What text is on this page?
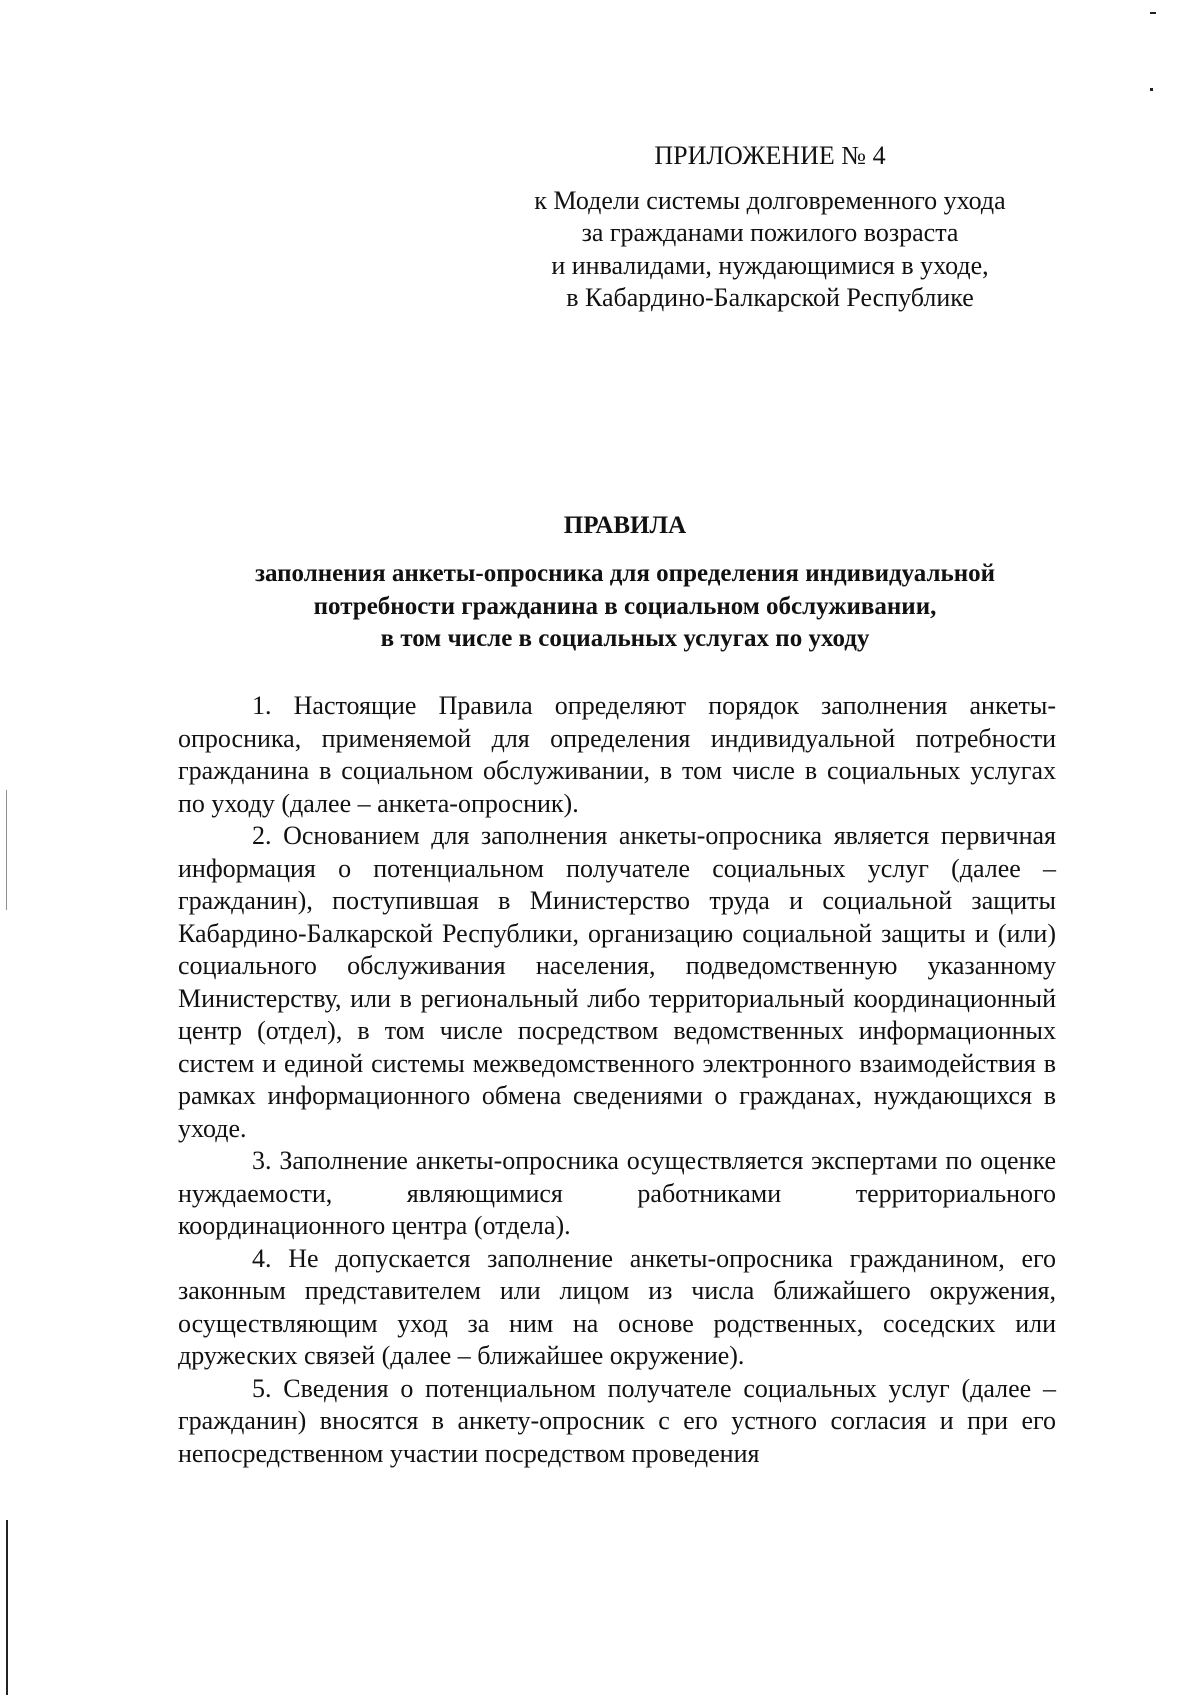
ПРИЛОЖЕНИЕ № 4
к Модели системы долговременного ухода
за гражданами пожилого возраста
и инвалидами, нуждающимися в уходе,
в Кабардино-Балкарской Республике
ПРАВИЛА
заполнения анкеты-опросника для определения индивидуальной
потребности гражданина в социальном обслуживании,
в том числе в социальных услугах по уходу

1. Настоящие Правила определяют порядок заполнения анкеты-опросника, применяемой для определения индивидуальной потребности гражданина в социальном обслуживании, в том числе в социальных услугах по уходу (далее – анкета-опросник).

2. Основанием для заполнения анкеты-опросника является первичная информация о потенциальном получателе социальных услуг (далее – гражданин), поступившая в Министерство труда и социальной защиты Кабардино-Балкарской Республики, организацию социальной защиты и (или) социального обслуживания населения, подведомственную указанному Министерству, или в региональный либо территориальный координационный центр (отдел), в том числе посредством ведомственных информационных систем и единой системы межведомственного электронного взаимодействия в рамках информационного обмена сведениями о гражданах, нуждающихся в уходе.

3. Заполнение анкеты-опросника осуществляется экспертами по оценке нуждаемости, являющимися работниками территориального координационного центра (отдела).

4. Не допускается заполнение анкеты-опросника гражданином, его законным представителем или лицом из числа ближайшего окружения, осуществляющим уход за ним на основе родственных, соседских или дружеских связей (далее – ближайшее окружение).

5. Сведения о потенциальном получателе социальных услуг (далее – гражданин) вносятся в анкету-опросник с его устного согласия и при его непосредственном участии посредством проведения
